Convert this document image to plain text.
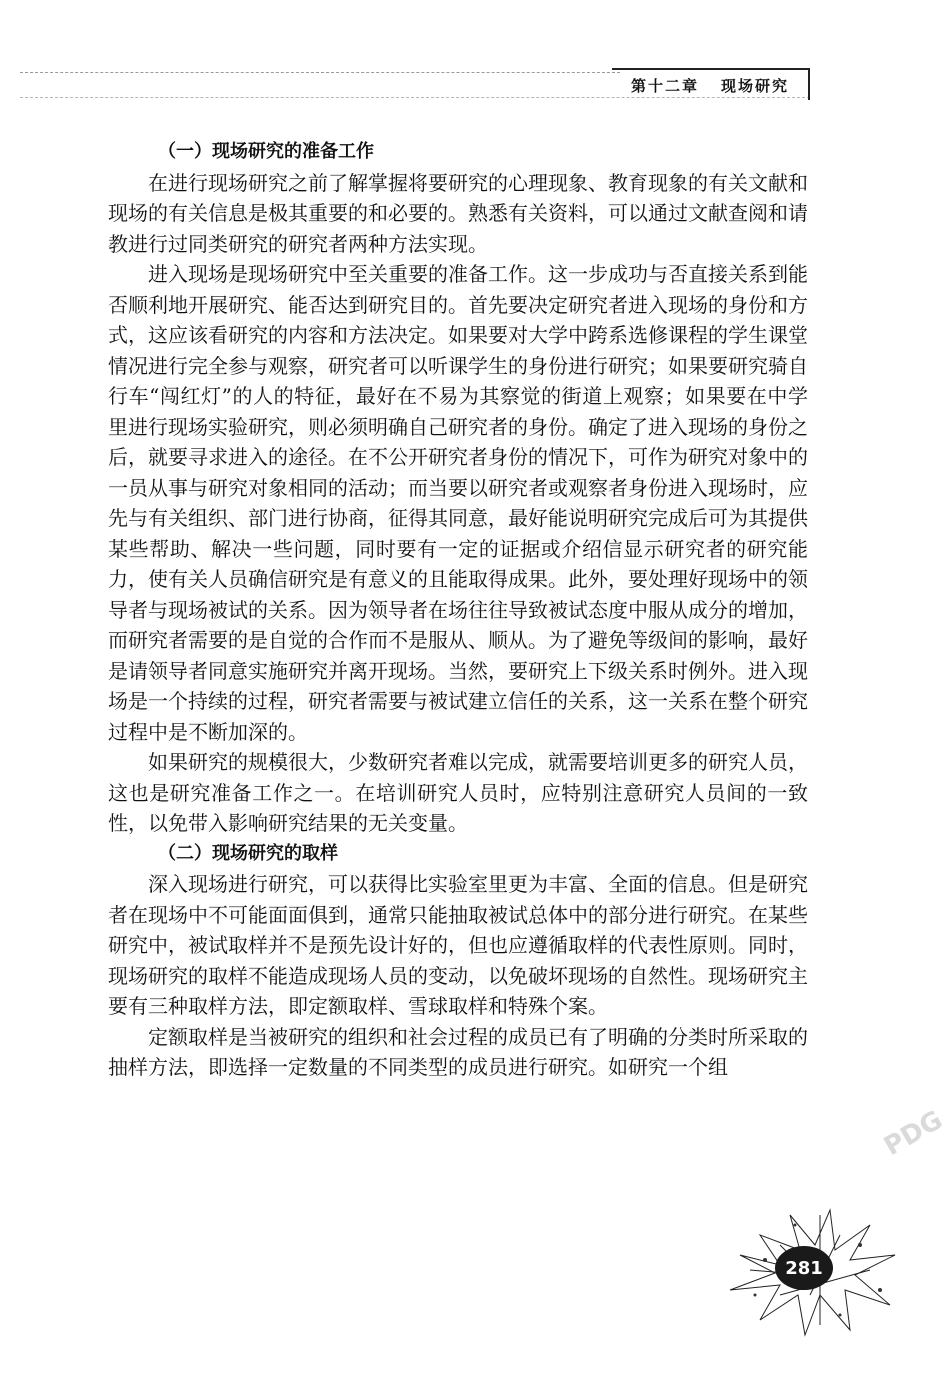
第十二章 现场研究
（一）现场研究的准备工作

在进行现场研究之前了解掌握将要研究的心理现象、教育现象的有关文献和现场的有关信息是极其重要的和必要的。熟悉有关资料，可以通过文献查阅和请教进行过同类研究的研究者两种方法实现。

进入现场是现场研究中至关重要的准备工作。这一步成功与否直接关系到能否顺利地开展研究、能否达到研究目的。首先要决定研究者进入现场的身份和方式，这应该看研究的内容和方法决定。如果要对大学中跨系选修课程的学生课堂情况进行完全参与观察，研究者可以听课学生的身份进行研究；如果要研究骑自行车“闯红灯”的人的特征，最好在不易为其察觉的街道上观察；如果要在中学里进行现场实验研究，则必须明确自己研究者的身份。确定了进入现场的身份之后，就要寻求进入的途径。在不公开研究者身份的情况下，可作为研究对象中的一员从事与研究对象相同的活动；而当要以研究者或观察者身份进入现场时，应先与有关组织、部门进行协商，征得其同意，最好能说明研究完成后可为其提供某些帮助、解决一些问题，同时要有一定的证据或介绍信显示研究者的研究能力，使有关人员确信研究是有意义的且能取得成果。此外，要处理好现场中的领导者与现场被试的关系。因为领导者在场往往导致被试态度中服从成分的增加，而研究者需要的是自觉的合作而不是服从、顺从。为了避免等级间的影响，最好是请领导者同意实施研究并离开现场。当然，要研究上下级关系时例外。进入现场是一个持续的过程，研究者需要与被试建立信任的关系，这一关系在整个研究过程中是不断加深的。

如果研究的规模很大，少数研究者难以完成，就需要培训更多的研究人员，这也是研究准备工作之一。在培训研究人员时，应特别注意研究人员间的一致性，以免带入影响研究结果的无关变量。

（二）现场研究的取样

深入现场进行研究，可以获得比实验室里更为丰富、全面的信息。但是研究者在现场中不可能面面俱到，通常只能抽取被试总体中的部分进行研究。在某些研究中，被试取样并不是预先设计好的，但也应遵循取样的代表性原则。同时，现场研究的取样不能造成现场人员的变动，以免破坏现场的自然性。现场研究主要有三种取样方法，即定额取样、雪球取样和特殊个案。

定额取样是当被研究的组织和社会过程的成员已有了明确的分类时所采取的抽样方法，即选择一定数量的不同类型的成员进行研究。如研究一个组

PDG
281
